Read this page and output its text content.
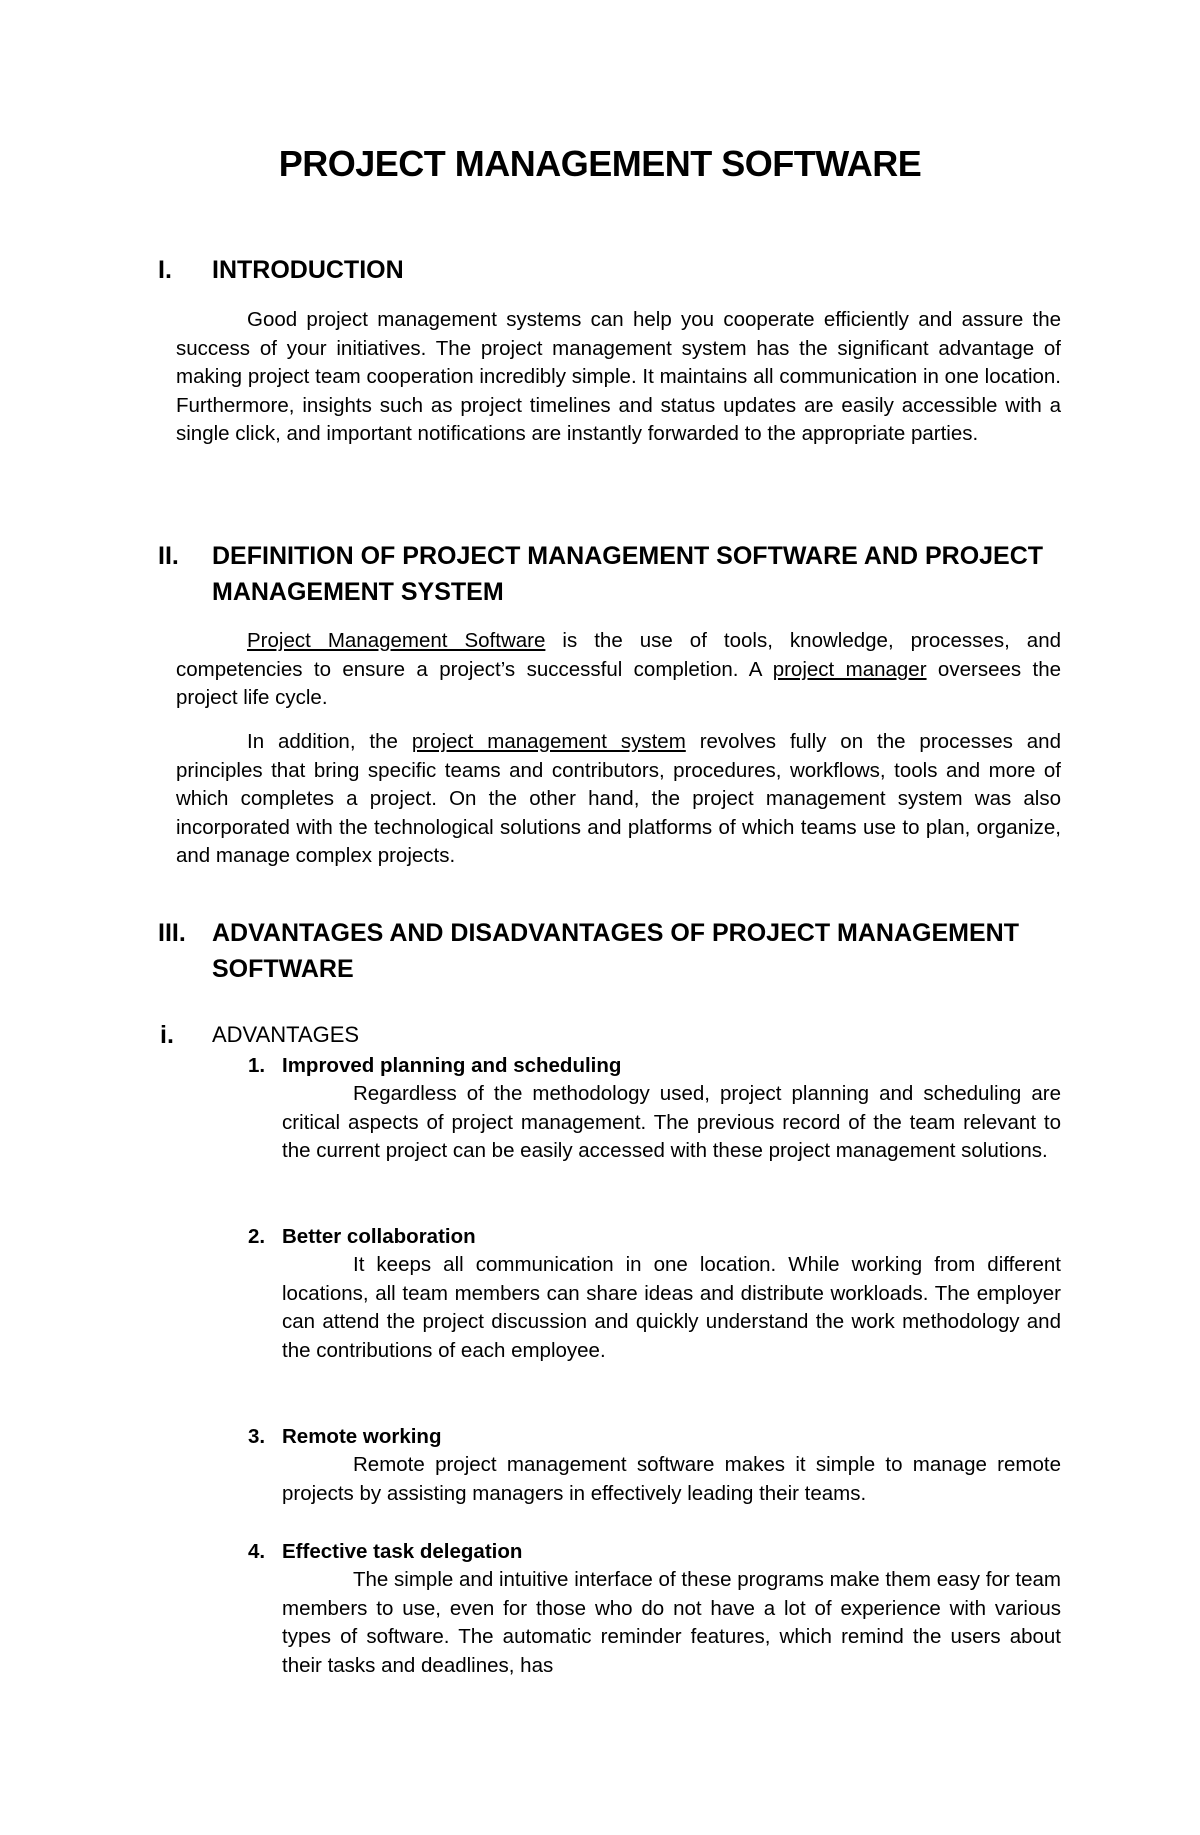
PROJECT MANAGEMENT SOFTWARE
I. INTRODUCTION

Good project management systems can help you cooperate efficiently and assure the success of your initiatives. The project management system has the significant advantage of making project team cooperation incredibly simple. It maintains all communication in one location. Furthermore, insights such as project timelines and status updates are easily accessible with a single click, and important notifications are instantly forwarded to the appropriate parties.

II. DEFINITION OF PROJECT MANAGEMENT SOFTWARE AND PROJECT MANAGEMENT SYSTEM

Project Management Software is the use of tools, knowledge, processes, and competencies to ensure a project’s successful completion. A project manager oversees the project life cycle.

In addition, the project management system revolves fully on the processes and principles that bring specific teams and contributors, procedures, workflows, tools and more of which completes a project. On the other hand, the project management system was also incorporated with the technological solutions and platforms of which teams use to plan, organize, and manage complex projects.

III. ADVANTAGES AND DISADVANTAGES OF PROJECT MANAGEMENT SOFTWARE
i. ADVANTAGES
1. Improved planning and scheduling

Regardless of the methodology used, project planning and scheduling are critical aspects of project management. The previous record of the team relevant to the current project can be easily accessed with these project management solutions.

2. Better collaboration

It keeps all communication in one location. While working from different locations, all team members can share ideas and distribute workloads. The employer can attend the project discussion and quickly understand the work methodology and the contributions of each employee.

3. Remote working

Remote project management software makes it simple to manage remote projects by assisting managers in effectively leading their teams.

4. Effective task delegation

The simple and intuitive interface of these programs make them easy for team members to use, even for those who do not have a lot of experience with various types of software. The automatic reminder features, which remind the users about their tasks and deadlines, has
